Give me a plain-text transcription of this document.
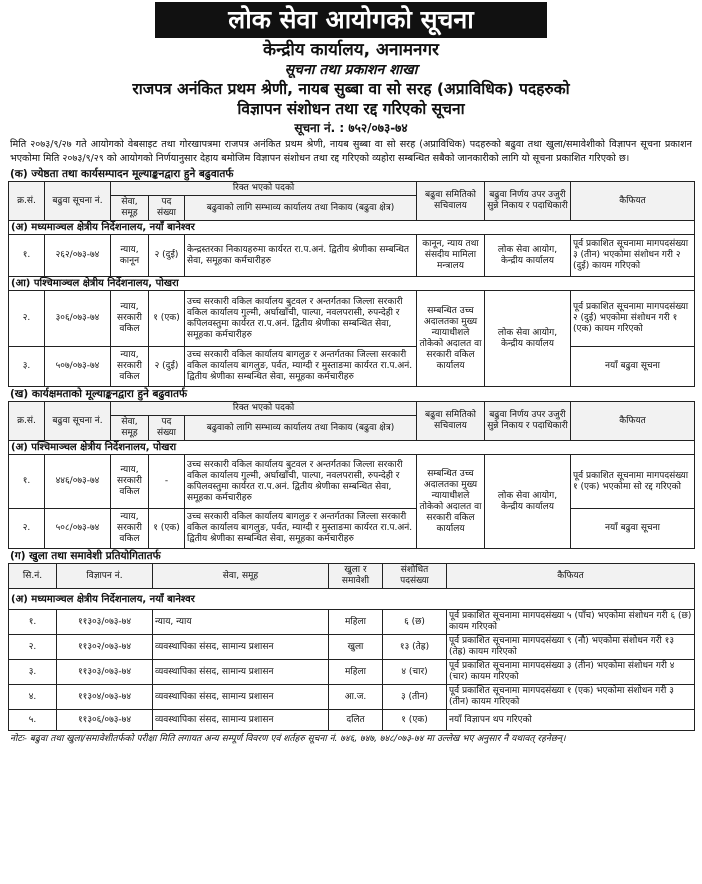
लोक सेवा आयोगको सूचना
केन्द्रीय कार्यालय, अनामनगर
सूचना तथा प्रकाशन शाखा
राजपत्र अनंकित प्रथम श्रेणी, नायब सुब्बा वा सो सरह (अप्राविधिक) पदहरुको
विज्ञापन संशोधन तथा रद्द गरिएको सूचना
सूचना नं. : ७५२/०७३-७४
मिति २०७३/९/२७ गते आयोगको वेबसाइट तथा गोरखापत्रमा राजपत्र अनंकित प्रथम श्रेणी, नायब सुब्बा वा सो सरह (अप्राविधिक) पदहरुको बढुवा तथा खुला/समावेशीको विज्ञापन सूचना प्रकाशन भएकोमा मिति २०७३/९/२९ को आयोगको निर्णयानुसार देहाय बमोजिम विज्ञापन संशोधन तथा रद्द गरिएको व्यहोरा सम्बन्धित सबैको जानकारीको लागि यो सूचना प्रकाशित गरिएको छ।
(क) ज्येष्ठता तथा कार्यसम्पादन मूल्याङ्कनद्वारा हुने बढुवातर्फ
क्र.सं.	बढुवा सूचना नं.	रिक्त भएको पदको			बढुवा समितिको सचिवालय	बढुवा निर्णय उपर उजुरी सुन्ने निकाय र पदाधिकारी	कैफियत
		सेवा, समूह	पद संख्या	बढुवाको लागि सम्भाव्य कार्यालय तथा निकाय (बढुवा क्षेत्र)			
(अ) मध्यमाञ्चल क्षेत्रीय निर्देशनालय, नयाँ बानेश्वर							
१.	२६२/०७३-७४	न्याय, कानून	२ (दुई)	केन्द्रस्तरका निकायहरुमा कार्यरत रा.प.अनं. द्वितीय श्रेणीका सम्बन्धित सेवा, समूहका कर्मचारीहरु	कानून, न्याय तथा संसदीय मामिला मन्त्रालय	लोक सेवा आयोग, केन्द्रीय कार्यालय	पूर्व प्रकाशित सूचनामा मागपदसंख्या ३ (तीन) भएकोमा संशोधन गरी २ (दुई) कायम गरिएको
(आ) पश्चिमाञ्चल क्षेत्रीय निर्देशनालय, पोखरा							
२.	३०६/०७३-७४	न्याय, सरकारी वकिल	१ (एक)	उच्च सरकारी वकिल कार्यालय बुटवल र अन्तर्गतका जिल्ला सरकारी वकिल कार्यालय गुल्मी, अर्घाखाँची, पाल्पा, नवलपरासी, रुपन्देही र कपिलवस्तुमा कार्यरत रा.प.अनं. द्वितीय श्रेणीका सम्बन्धित सेवा, समूहका कर्मचारीहरु	सम्बन्धित उच्च अदालतका मुख्य न्यायाधीशले तोकेको अदालत वा सरकारी वकिल कार्यालय	लोक सेवा आयोग, केन्द्रीय कार्यालय	पूर्व प्रकाशित सूचनामा मागपदसंख्या २ (दुई) भएकोमा संशोधन गरी १ (एक) कायम गरिएको
३.	५०७/०७३-७४	न्याय, सरकारी वकिल	२ (दुई)	उच्च सरकारी वकिल कार्यालय बागलुङ र अन्तर्गतका जिल्ला सरकारी वकिल कार्यालय बागलुङ, पर्वत, म्याग्दी र मुस्ताङमा कार्यरत रा.प.अनं. द्वितीय श्रेणीका सम्बन्धित सेवा, समूहका कर्मचारीहरु			नयाँ बढुवा सूचना
(ख) कार्यक्षमताको मूल्याङ्कनद्वारा हुने बढुवातर्फ
क्र.सं.	बढुवा सूचना नं.	रिक्त भएको पदको			बढुवा समितिको सचिवालय	बढुवा निर्णय उपर उजुरी सुन्ने निकाय र पदाधिकारी	कैफियत
		सेवा, समूह	पद संख्या	बढुवाको लागि सम्भाव्य कार्यालय तथा निकाय (बढुवा क्षेत्र)			
(अ) पश्चिमाञ्चल क्षेत्रीय निर्देशनालय, पोखरा							
१.	४४६/०७३-७४	न्याय, सरकारी वकिल	-	उच्च सरकारी वकिल कार्यालय बुटवल र अन्तर्गतका जिल्ला सरकारी वकिल कार्यालय गुल्मी, अर्घाखाँची, पाल्पा, नवलपरासी, रुपन्देही र कपिलवस्तुमा कार्यरत रा.प.अनं. द्वितीय श्रेणीका सम्बन्धित सेवा, समूहका कर्मचारीहरु	सम्बन्धित उच्च अदालतका मुख्य न्यायाधीशले तोकेको अदालत वा सरकारी वकिल कार्यालय	लोक सेवा आयोग, केन्द्रीय कार्यालय	पूर्व प्रकाशित सूचनामा मागपदसंख्या १ (एक) भएकोमा सो रद्द गरिएको
२.	५०८/०७३-७४	न्याय, सरकारी वकिल	१ (एक)	उच्च सरकारी वकिल कार्यालय बागलुङ र अन्तर्गतका जिल्ला सरकारी वकिल कार्यालय बागलुङ, पर्वत, म्याग्दी र मुस्ताङमा कार्यरत रा.प.अनं. द्वितीय श्रेणीका सम्बन्धित सेवा, समूहका कर्मचारीहरु			नयाँ बढुवा सूचना
(ग) खुला तथा समावेशी प्रतियोगितातर्फ
सि.नं.	विज्ञापन नं.	सेवा, समूह	खुला र समावेशी	संशोधित पदसंख्या	कैफियत
(अ) मध्यमाञ्चल क्षेत्रीय निर्देशनालय, नयाँ बानेश्वर					
१.	११३०३/०७३-७४	न्याय, न्याय	महिला	६ (छ)	पूर्व प्रकाशित सूचनामा मागपदसंख्या ५ (पाँच) भएकोमा संशोधन गरी ६ (छ) कायम गरिएको
२.	११३०२/०७३-७४	व्यवस्थापिका संसद, सामान्य प्रशासन	खुला	१३ (तेह्र)	पूर्व प्रकाशित सूचनामा मागपदसंख्या ९ (नौ) भएकोमा संशोधन गरी १३ (तेह्र) कायम गरिएको
३.	११३०३/०७३-७४	व्यवस्थापिका संसद, सामान्य प्रशासन	महिला	४ (चार)	पूर्व प्रकाशित सूचनामा मागपदसंख्या ३ (तीन) भएकोमा संशोधन गरी ४ (चार) कायम गरिएको
४.	११३०४/०७३-७४	व्यवस्थापिका संसद, सामान्य प्रशासन	आ.ज.	३ (तीन)	पूर्व प्रकाशित सूचनामा मागपदसंख्या १ (एक) भएकोमा संशोधन गरी ३ (तीन) कायम गरिएको
५.	११३०६/०७३-७४	व्यवस्थापिका संसद, सामान्य प्रशासन	दलित	१ (एक)	नयाँ विज्ञापन थप गरिएको
नोटः- बढुवा तथा खुला/समावेशीतर्फको परीक्षा मिति लगायत अन्य सम्पूर्ण विवरण एवं शर्तहरु सूचना नं. ७४६, ७४७, ७४८/०७३-७४ मा उल्लेख भए अनुसार नै यथावत् रहनेछन्।
